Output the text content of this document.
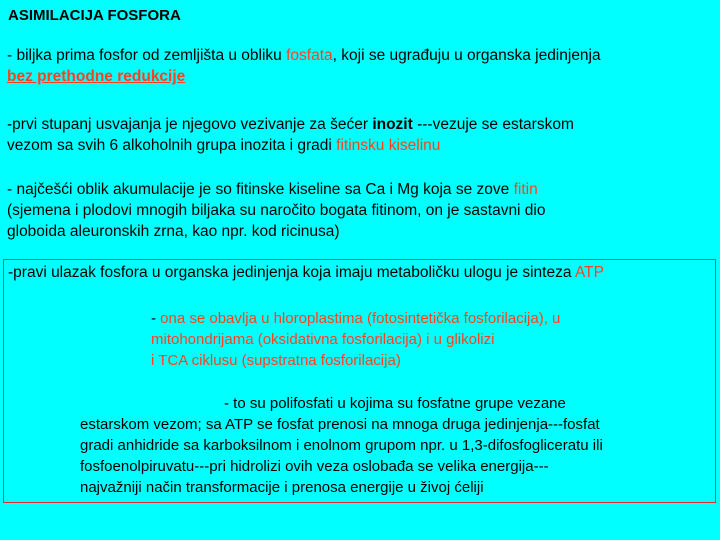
ASIMILACIJA FOSFORA
- biljka prima fosfor od zemljišta u obliku fosfata, koji se ugrađuju u organska jedinjenja
bez prethodne redukcije
-prvi stupanj usvajanja je njegovo vezivanje za šećer inozit ---vezuje se estarskom
vezom sa svih 6 alkoholnih grupa inozita i gradi fitinsku kiselinu
- najčešći oblik akumulacije je so fitinske kiseline sa Ca i Mg koja se zove fitin
(sjemena i plodovi mnogih biljaka su naročito bogata fitinom, on je sastavni dio
globoida aleuronskih zrna, kao npr. kod ricinusa)
-pravi ulazak fosfora u organska jedinjenja koja imaju metaboličku ulogu je sinteza ATP
- ona se obavlja u hloroplastima (fotosintetička fosforilacija), u
mitohondrijama (oksidativna fosforilacija) i u glikolizi
i TCA ciklusu (supstratna fosforilacija)
- to su polifosfati u kojima su fosfatne grupe vezane
estarskom vezom; sa ATP se fosfat prenosi na mnoga druga jedinjenja---fosfat
gradi anhidride sa karboksilnom i enolnom grupom npr. u 1,3-difosfogliceratu ili
fosfoenolpiruvatu---pri hidrolizi ovih veza oslobađa se velika energija---
najvažniji način transformacije i prenosa energije u živoj ćeliji
